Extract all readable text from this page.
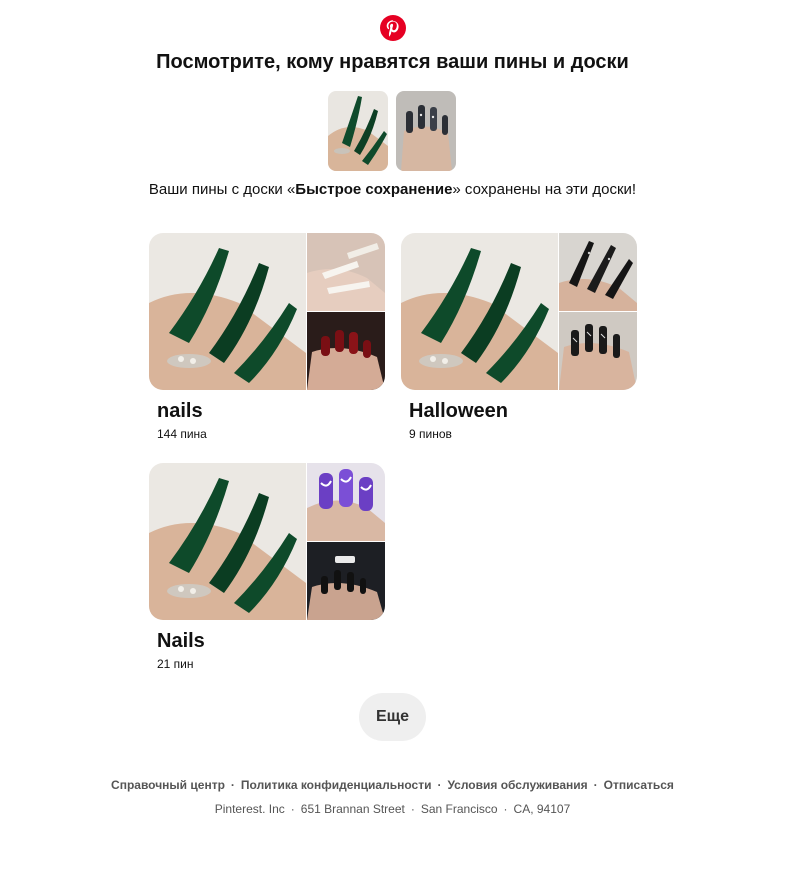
Посмотрите, кому нравятся ваши пины и доски
Ваши пины с доски «Быстрое сохранение» сохранены на эти доски!
nails
144 пина
Halloween
9 пинов
Nails
21 пин
Еще
Справочный центр · Политика конфиденциальности · Условия обслуживания · Отписаться
Pinterest. Inc · 651 Brannan Street · San Francisco · CA, 94107
